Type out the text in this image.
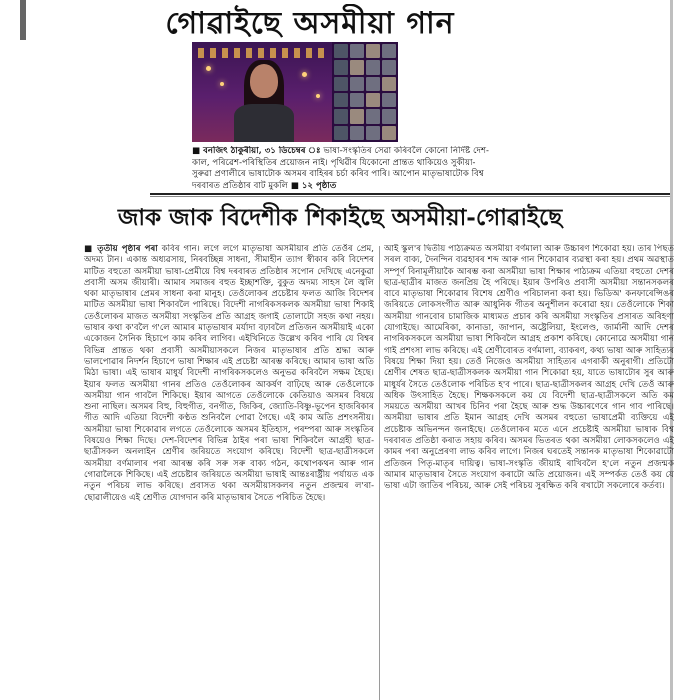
গোৱাইছে অসমীয়া গান
■ বনজিৎ ঠাকুৰীয়া, ৩১ ডিচেম্বৰ ঃ ভাষা-সংস্কৃতিৰ সেৱা কৰিবলৈ কোনো নিৰ্দিষ্ট দেশ-কাল, পৰিৱেশ-পৰিস্থিতিৰ প্ৰয়োজন নাই। পৃথিৱীৰ যিকোনো প্ৰান্তত থাকিয়েও সুকীয়া-সুৰুৱা প্ৰণালীৰে ভাষাটোক অসমৰ বাহিৰৰ চৰ্চা কৰিব পাৰি। আপোন মাতৃভাষাটোক বিশ্ব দৰবাৰত প্ৰতিষ্ঠাৰ বাট মুকলি ■ ১২ পৃষ্ঠাত
জাক জাক বিদেশীক শিকাইছে অসমীয়া-গোৱাইছে

■ তৃতীয় পৃষ্ঠাৰ পৰা কবিৰ গান। লগে লগে মাতৃভাষা অসমীয়াৰ প্ৰতি তেওঁৰ প্ৰেম, অদম্য টান। একান্ত অধ্যৱসায়, নিৰবচ্ছিন্ন সাধনা, সীমাহীন ত্যাগ স্বীকাৰ কৰি বিদেশৰ মাটিত বহুতো অসমীয়া ভাষা-প্ৰেমীয়ে বিশ্ব দৰবাৰত প্ৰতিষ্ঠাৰ সপোন দেখিছে এনেকুৱা প্ৰবাসী অসম জীয়াৰী। আমাৰ সমাজৰ বহুত ইচ্ছাশক্তি, বুকুত অদম্য সাহস লৈ জ্বলি থকা মাতৃভাষাৰ প্ৰেমৰ সাধনা কৰা মানুহ। তেওঁলোকৰ প্ৰচেষ্টাৰ ফলত আজি বিদেশৰ মাটিত অসমীয়া ভাষা শিকাবলৈ পাৰিছে। বিদেশী নাগৰিকসকলক অসমীয়া ভাষা শিকাই তেওঁলোকৰ মাজত অসমীয়া সংস্কৃতিৰ প্ৰতি আগ্ৰহ জগাই তোলাটো সহজ কথা নহয়। ভাষাৰ কথা ক'বলৈ গ'লে আমাৰ মাতৃভাষাৰ মৰ্যাদা বঢ়াবলৈ প্ৰতিজন অসমীয়াই একো একোজন সৈনিক হিচাপে কাম কৰিব লাগিব। এইখিনিতে উল্লেখ কৰিব পাৰি যে বিশ্বৰ বিভিন্ন প্ৰান্তত থকা প্ৰবাসী অসমীয়াসকলে নিজৰ মাতৃভাষাৰ প্ৰতি শ্ৰদ্ধা আৰু ভালপোৱাৰ নিদৰ্শন হিচাপে ভাষা শিক্ষাৰ এই প্ৰচেষ্টা আৰম্ভ কৰিছে। আমাৰ ভাষা অতি মিঠা ভাষা। এই ভাষাৰ মাধুৰ্য বিদেশী নাগৰিকসকলেও অনুভৱ কৰিবলৈ সক্ষম হৈছে। ইয়াৰ ফলত অসমীয়া গানৰ প্ৰতিও তেওঁলোকৰ আকৰ্ষণ বাঢ়িছে আৰু তেওঁলোকে অসমীয়া গান গাবলৈ শিকিছে। ইয়াৰ আগতে তেওঁলোকে কেতিয়াও অসমৰ বিষয়ে শুনা নাছিল। অসমৰ বিহু, বিহুগীত, বনগীত, জিকিৰ, জ্যোতি-বিষ্ণু-ভূপেন হাজৰিকাৰ গীত আদি এতিয়া বিদেশী কণ্ঠত শুনিবলৈ পোৱা গৈছে। এই কাম অতি প্ৰশংসনীয়। অসমীয়া ভাষা শিকোৱাৰ লগতে তেওঁলোকে অসমৰ ইতিহাস, পৰম্পৰা আৰু সংস্কৃতিৰ বিষয়েও শিক্ষা দিছে। দেশ-বিদেশৰ বিভিন্ন ঠাইৰ পৰা ভাষা শিকিবলৈ আগ্ৰহী ছাত্ৰ-ছাত্ৰীসকল অনলাইন শ্ৰেণীৰ জৰিয়তে সংযোগ কৰিছে। বিদেশী ছাত্ৰ-ছাত্ৰীসকলে অসমীয়া বৰ্ণমালাৰ পৰা আৰম্ভ কৰি সৰু সৰু বাক্য গঠন, কথোপকথন আৰু গান গোৱালৈকে শিকিছে। এই প্ৰচেষ্টাৰ জৰিয়তে অসমীয়া ভাষাই আন্তঃৰাষ্ট্ৰীয় পৰ্যায়ত এক নতুন পৰিচয় লাভ কৰিছে। প্ৰবাসত থকা অসমীয়াসকলৰ নতুন প্ৰজন্মৰ ল'ৰা-ছোৱালীয়েও এই শ্ৰেণীত যোগদান কৰি মাতৃভাষাৰ সৈতে পৰিচিত হৈছে।

আই স্কুল'ৰ দ্বিতীয় পাঠ্যক্ৰমত অসমীয়া বৰ্ণমালা আৰু উচ্চাৰণ শিকোৱা হয়। তাৰ পিছত সৰল বাক্য, দৈনন্দিন ব্যৱহাৰৰ শব্দ আৰু গান শিকোৱাৰ ব্যৱস্থা কৰা হয়। প্ৰথম অৱস্থাত সম্পূৰ্ণ বিনামূলীয়াকৈ আৰম্ভ কৰা অসমীয়া ভাষা শিক্ষাৰ পাঠ্যক্ৰম এতিয়া বহুতো দেশৰ ছাত্ৰ-ছাত্ৰীৰ মাজত জনপ্ৰিয় হৈ পৰিছে। ইয়াৰ উপৰিও প্ৰবাসী অসমীয়া সন্তানসকলৰ বাবে মাতৃভাষা শিকোৱাৰ বিশেষ শ্ৰেণীও পৰিচালনা কৰা হয়। ভিডিঅ' কনফাৰেন্সিঙৰ জৰিয়তে লোকসংগীত আৰু আধুনিক গীতৰ অনুশীলন কৰোৱা হয়। তেওঁলোকে শিকা অসমীয়া গানবোৰ চামাজিক মাধ্যমত প্ৰচাৰ কৰি অসমীয়া সংস্কৃতিৰ প্ৰসাৰত অৰিহণা যোগাইছে। আমেৰিকা, কানাডা, জাপান, অষ্ট্ৰেলিয়া, ইংলেণ্ড, জাৰ্মানী আদি দেশৰ নাগৰিকসকলে অসমীয়া ভাষা শিকিবলৈ আগ্ৰহ প্ৰকাশ কৰিছে। কোনোৱে অসমীয়া গান গাই প্ৰশংসা লাভ কৰিছে। এই শ্ৰেণীবোৰত বৰ্ণমালা, ব্যাকৰণ, কথ্য ভাষা আৰু সাহিত্যৰ বিষয়ে শিক্ষা দিয়া হয়। তেওঁ নিজেও অসমীয়া সাহিত্যৰ এগৰাকী অনুৰাগী। প্ৰতিটো শ্ৰেণীৰ শেষত ছাত্ৰ-ছাত্ৰীসকলক অসমীয়া গান শিকোৱা হয়, যাতে ভাষাটোৰ সুৰ আৰু মাধুৰ্যৰ সৈতে তেওঁলোক পৰিচিত হ'ব পাৰে। ছাত্ৰ-ছাত্ৰীসকলৰ আগ্ৰহ দেখি তেওঁ আৰু অধিক উৎসাহিত হৈছে। শিক্ষকসকলে কয় যে বিদেশী ছাত্ৰ-ছাত্ৰীসকলে অতি কম সময়তে অসমীয়া আখৰ চিনিব পৰা হৈছে আৰু শুদ্ধ উচ্চাৰণেৰে গান গাব পাৰিছে। অসমীয়া ভাষাৰ প্ৰতি ইমান আগ্ৰহ দেখি অসমৰ বহুতো ভাষাপ্ৰেমী ব্যক্তিয়ে এই প্ৰচেষ্টাক অভিনন্দন জনাইছে। তেওঁলোকৰ মতে এনে প্ৰচেষ্টাই অসমীয়া ভাষাক বিশ্ব দৰবাৰত প্ৰতিষ্ঠা কৰাত সহায় কৰিব। অসমৰ ভিতৰত থকা অসমীয়া লোকসকলেও এই কামৰ পৰা অনুপ্ৰেৰণা লাভ কৰিব লাগে। নিজৰ ঘৰতেই সন্তানক মাতৃভাষা শিকোৱাটো প্ৰতিজন পিতৃ-মাতৃৰ দায়িত্ব। ভাষা-সংস্কৃতি জীয়াই ৰাখিবলৈ হ'লে নতুন প্ৰজন্মক আমাৰ মাতৃভাষাৰ সৈতে সংযোগ কৰাটো অতি প্ৰয়োজন। এই সম্পৰ্কত তেওঁ কয় যে ভাষা এটা জাতিৰ পৰিচয়, আৰু সেই পৰিচয় সুৰক্ষিত কৰি ৰখাটো সকলোৰে কৰ্তব্য।
